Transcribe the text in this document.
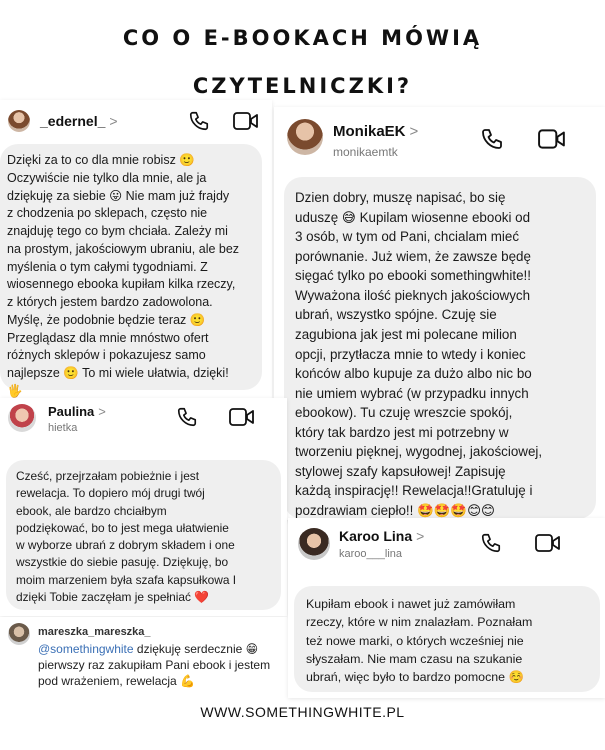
CO O E-BOOKACH MÓWIĄ
CZYTELNICZKI?
_edernel_ >
Dzięki za to co dla mnie robisz 🙂
Oczywiście nie tylko dla mnie, ale ja
dziękuję za siebie 😛 Nie mam już frajdy
z chodzenia po sklepach, często nie
znajduję tego co bym chciała. Zależy mi
na prostym, jakościowym ubraniu, ale bez
myślenia o tym całymi tygodniami. Z
wiosennego ebooka kupiłam kilka rzeczy,
z których jestem bardzo zadowolona.
Myślę, że podobnie będzie teraz 🙂
Przeglądasz dla mnie mnóstwo ofert
różnych sklepów i pokazujesz samo
najlepsze 🙂 To mi wiele ułatwia, dzięki!
🖐
MonikaEK >
monikaemtk
Dzien dobry, muszę napisać, bo się
uduszę 😅 Kupilam wiosenne ebooki od
3 osób, w tym od Pani, chcialam mieć
porównanie. Już wiem, że zawsze będę
sięgać tylko po ebooki somethingwhite!!
Wyważona ilość pieknych jakościowych
ubrań, wszystko spójne. Czuję sie
zagubiona jak jest mi polecane milion
opcji, przytłacza mnie to wtedy i koniec
końców albo kupuje za dużo albo nic bo
nie umiem wybrać (w przypadku innych
ebookow). Tu czuję wreszcie spokój,
który tak bardzo jest mi potrzebny w
tworzeniu pięknej, wygodnej, jakościowej,
stylowej szafy kapsułowej! Zapisuję
każdą inspirację!! Rewelacja!!Gratuluję i
pozdrawiam ciepło!! 🤩🤩🤩😊😊
Paulina >
hietka
Cześć, przejrzałam pobieżnie i jest
rewelacja. To dopiero mój drugi twój
ebook, ale bardzo chciałbym
podziękować, bo to jest mega ułatwienie
w wyborze ubrań z dobrym składem i one
wszystkie do siebie pasuję. Dziękuję, bo
moim marzeniem była szafa kapsułkowa I
dzięki Tobie zaczęłam je spełniać ❤️
mareszka_mareszka_
@somethingwhite dziękuję serdecznie 😁
pierwszy raz zakupiłam Pani ebook i jestem
pod wrażeniem, rewelacja 💪
Karoo Lina >
karoo___lina
Kupiłam ebook i nawet już zamówiłam
rzeczy, które w nim znalazłam. Poznałam
też nowe marki, o których wcześniej nie
słyszałam. Nie mam czasu na szukanie
ubrań, więc było to bardzo pomocne ☺️
WWW.SOMETHINGWHITE.PL
